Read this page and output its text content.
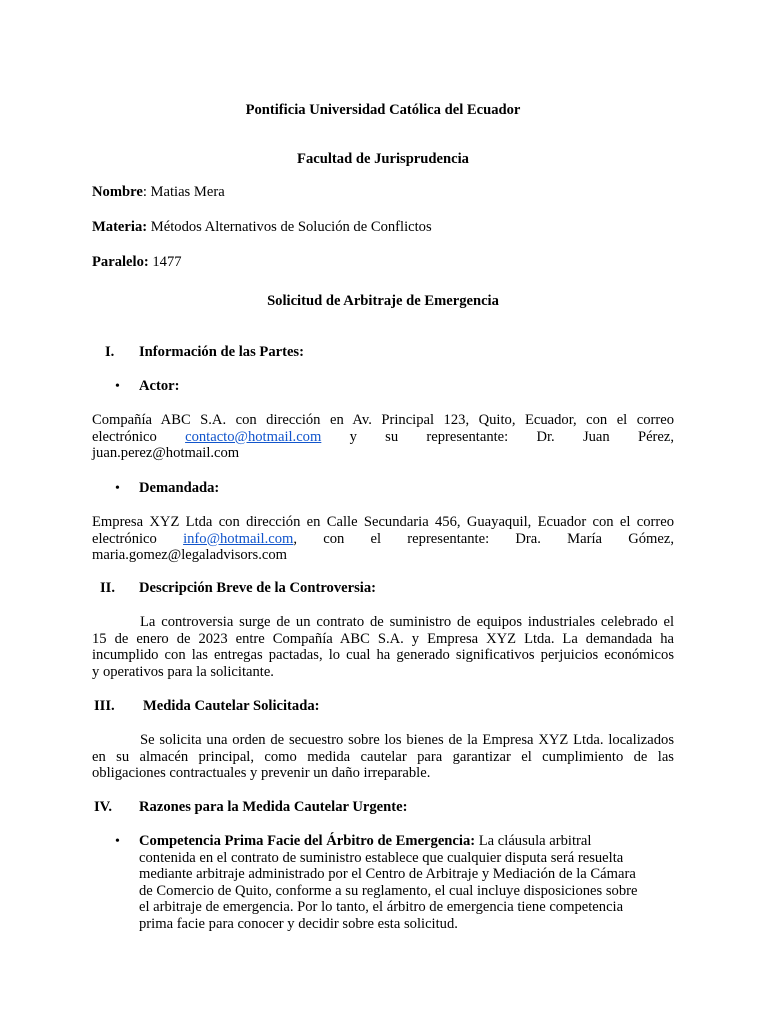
Pontificia Universidad Católica del Ecuador
Facultad de Jurisprudencia
Nombre: Matias Mera
Materia: Métodos Alternativos de Solución de Conflictos
Paralelo: 1477
Solicitud de Arbitraje de Emergencia
I. Información de las Partes:
• Actor:
Compañía ABC S.A. con dirección en Av. Principal 123, Quito, Ecuador, con el correo
electrónico contacto@hotmail.com y su representante: Dr. Juan Pérez,
juan.perez@hotmail.com
• Demandada:
Empresa XYZ Ltda con dirección en Calle Secundaria 456, Guayaquil, Ecuador con el correo
electrónico info@hotmail.com, con el representante: Dra. María Gómez,
maria.gomez@legaladvisors.com
II. Descripción Breve de la Controversia:
La controversia surge de un contrato de suministro de equipos industriales celebrado el
15 de enero de 2023 entre Compañía ABC S.A. y Empresa XYZ Ltda. La demandada ha
incumplido con las entregas pactadas, lo cual ha generado significativos perjuicios económicos
y operativos para la solicitante.
III. Medida Cautelar Solicitada:
Se solicita una orden de secuestro sobre los bienes de la Empresa XYZ Ltda. localizados
en su almacén principal, como medida cautelar para garantizar el cumplimiento de las
obligaciones contractuales y prevenir un daño irreparable.
IV. Razones para la Medida Cautelar Urgente:
• Competencia Prima Facie del Árbitro de Emergencia: La cláusula arbitral
contenida en el contrato de suministro establece que cualquier disputa será resuelta
mediante arbitraje administrado por el Centro de Arbitraje y Mediación de la Cámara
de Comercio de Quito, conforme a su reglamento, el cual incluye disposiciones sobre
el arbitraje de emergencia. Por lo tanto, el árbitro de emergencia tiene competencia
prima facie para conocer y decidir sobre esta solicitud.
